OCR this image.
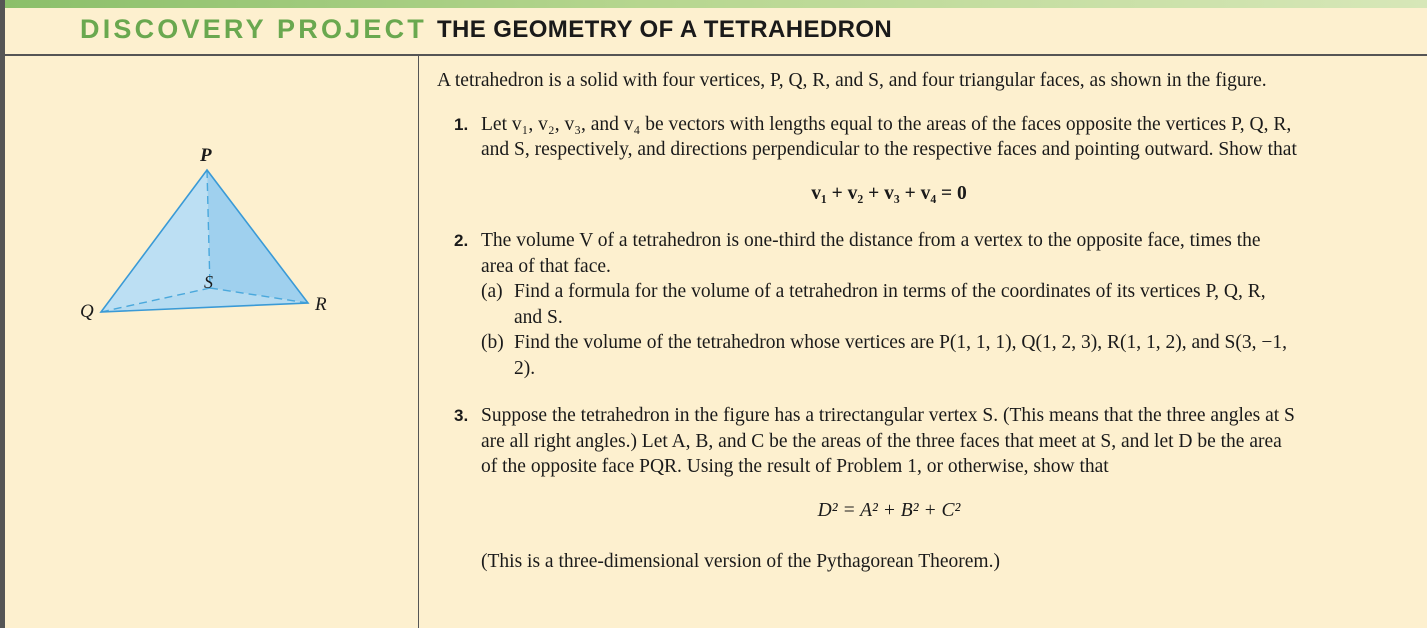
DISCOVERY PROJECT THE GEOMETRY OF A TETRAHEDRON
P
Q	R
S

A tetrahedron is a solid with four vertices, P, Q, R, and S, and four triangular faces, as shown in the figure.

1. Let v₁, v₂, v₃, and v₄ be vectors with lengths equal to the areas of the faces opposite the vertices P, Q, R, and S, respectively, and directions perpendicular to the respective faces and pointing outward. Show that

v₁ + v₂ + v₃ + v₄ = 0

2. The volume V of a tetrahedron is one-third the distance from a vertex to the opposite face, times the area of that face.

(a) Find a formula for the volume of a tetrahedron in terms of the coordinates of its vertices P, Q, R, and S.

(b) Find the volume of the tetrahedron whose vertices are P(1, 1, 1), Q(1, 2, 3), R(1, 1, 2), and S(3, −1, 2).

3. Suppose the tetrahedron in the figure has a trirectangular vertex S. (This means that the three angles at S are all right angles.) Let A, B, and C be the areas of the three faces that meet at S, and let D be the area of the opposite face PQR. Using the result of Problem 1, or otherwise, show that

D² = A² + B² + C²

(This is a three-dimensional version of the Pythagorean Theorem.)
